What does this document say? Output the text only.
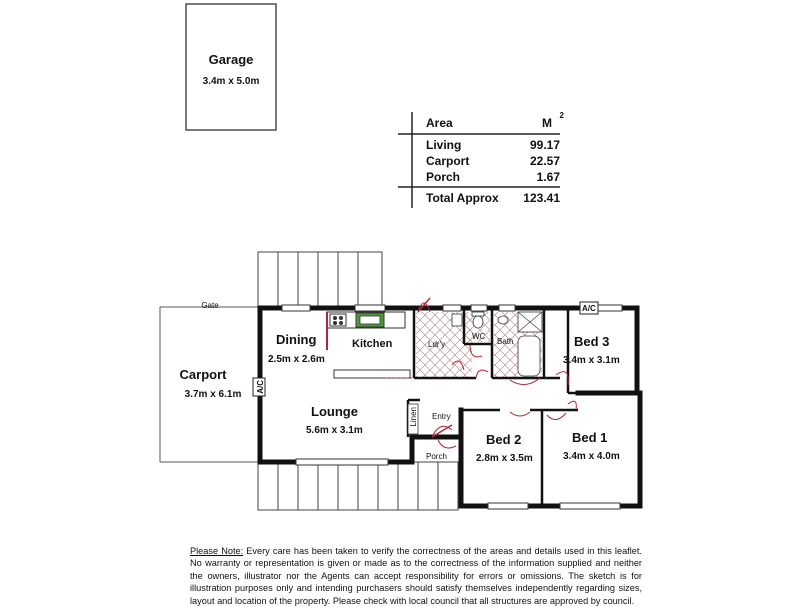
Garage
3.4m x 5.0m
Area	M
2
Living	99.17
Carport	22.57
Porch	1.67
Total Approx 123.41
Gate
Carport
3.7m x 6.1m
A/C
A/C
Dining
2.5m x 2.6m
Kitchen	Ldr'y
WC
Bath	Bed 3
3.4m x 3.1m
Lounge
5.6m x 3.1m
Linen Entry
Porch
Bed 2
2.8m x 3.5m
Bed 1
3.4m x 4.0m
Please Note: Every care has been taken to verify the correctness of the areas and details used in this leaflet. No warranty or representation is given or made as to the correctness of the information supplied and neither the owners, illustrator nor the Agents can accept responsibility for errors or omissions. The sketch is for illustration purposes only and intending purchasers should satisfy themselves independently regarding sizes, layout and location of the property. Please check with local council that all structures are approved by council.
